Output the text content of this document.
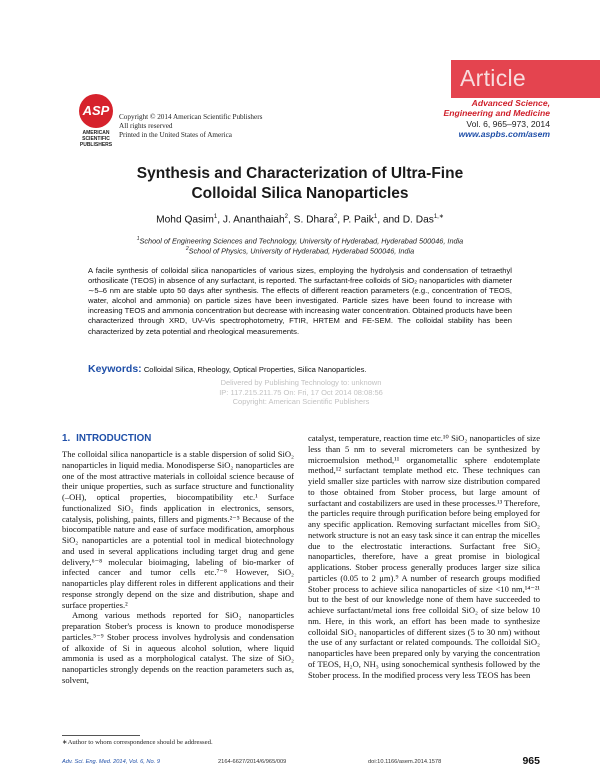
Article
ASP
AMERICAN
SCIENTIFIC
PUBLISHERS
Copyright © 2014 American Scientific Publishers
All rights reserved
Printed in the United States of America
Advanced Science,
Engineering and Medicine
Vol. 6, 965–973, 2014
www.aspbs.com/asem
Synthesis and Characterization of Ultra-Fine
Colloidal Silica Nanoparticles
Mohd Qasim$^1$, J. Ananthaiah$^2$, S. Dhara$^2$, P. Paik$^1$, and D. Das$^{1,∗}$
$^1$School of Engineering Sciences and Technology, University of Hyderabad, Hyderabad 500046, India
$^2$School of Physics, University of Hyderabad, Hyderabad 500046, India
A facile synthesis of colloidal silica nanoparticles of various sizes, employing the hydrolysis and condensation of tetraethyl orthosilicate (TEOS) in absence of any surfactant, is reported. The surfactant-free colloids of SiO₂ nanoparticles with diameter ∼5–6 nm are stable upto 50 days after synthesis. The effects of different reaction parameters (e.g., concentration of TEOS, water, alcohol and ammonia) on particle sizes have been investigated. Particle sizes have been found to increase with increasing TEOS and ammonia concentration but decrease with increasing water concentration. Obtained products have been characterized through XRD, UV-Vis spectrophotometry, FTIR, HRTEM and FE-SEM. The colloidal stability has been characterized by zeta potential and rheological measurements.
Keywords: Colloidal Silica, Rheology, Optical Properties, Silica Nanoparticles.
Delivered by Publishing Technology to: unknown
IP: 117.215.211.75 On: Fri, 17 Oct 2014 08:08:56
Copyright: American Scientific Publishers
1. INTRODUCTION

The colloidal silica nanoparticle is a stable dispersion of solid SiO₂ nanoparticles in liquid media. Monodisperse SiO₂ nanoparticles are one of the most attractive materials in colloidal science because of their unique properties, such as surface structure and functionality (–OH), optical properties, biocompatibility etc.¹ Surface functionalized SiO₂ finds application in electronics, sensors, catalysis, polishing, paints, fillers and pigments.²⁻⁵ Because of the biocompatible nature and ease of surface modification, amorphous SiO₂ nanoparticles are a potential tool in medical biotechnology and used in several applications including target drug and gene delivery,⁶⁻⁸ molecular bioimaging, labeling of bio-marker of infected cancer and tumor cells etc.⁷⁻⁸ However, SiO₂ nanoparticles play different roles in different applications and their response strongly depend on the size and distribution, shape and surface properties.²

Among various methods reported for SiO₂ nanoparticles preparation Stober's process is known to produce monodisperse particles.⁵⁻⁹ Stober process involves hydrolysis and condensation of alkoxide of Si in aqueous alcohol solution, where liquid ammonia is used as a morphological catalyst. The size of SiO₂ nanoparticles strongly depends on the reaction parameters such as, solvent,

catalyst, temperature, reaction time etc.¹⁰ SiO₂ nanoparticles of size less than 5 nm to several micrometers can be synthesized by microemulsion method,¹¹ organometallic sphere endotemplate method,¹² surfactant template method etc. These techniques can yield smaller size particles with narrow size distribution compared to those obtained from Stober process, but large amount of surfactant and costabilizers are used in these processes.¹³ Therefore, the particles require through purification before being employed for any specific application. Removing surfactant micelles from SiO₂ network structure is not an easy task since it can entrap the micelles due to the electrostatic interactions. Surfactant free SiO₂ nanoparticles, therefore, have a great promise in biological applications. Stober process generally produces larger size silica particles (0.05 to 2 μm).⁹ A number of research groups modified Stober process to achieve silica nanoparticles of size <10 nm,¹⁴⁻²¹ but to the best of our knowledge none of them have succeeded to achieve surfactant/metal ions free colloidal SiO₂ of size below 10 nm. Here, in this work, an effort has been made to synthesize colloidal SiO₂ nanoparticles of different sizes (5 to 30 nm) without the use of any surfactant or related compounds. The colloidal SiO₂ nanoparticles have been prepared only by varying the concentration of TEOS, H₂O, NH₃ using sonochemical synthesis followed by the Stober process. In the modified process very less TEOS has been

∗Author to whom correspondence should be addressed.
Adv. Sci. Eng. Med. 2014, Vol. 6, No. 9	2164-6627/2014/6/965/009	doi:10.1166/asem.2014.1578	965
